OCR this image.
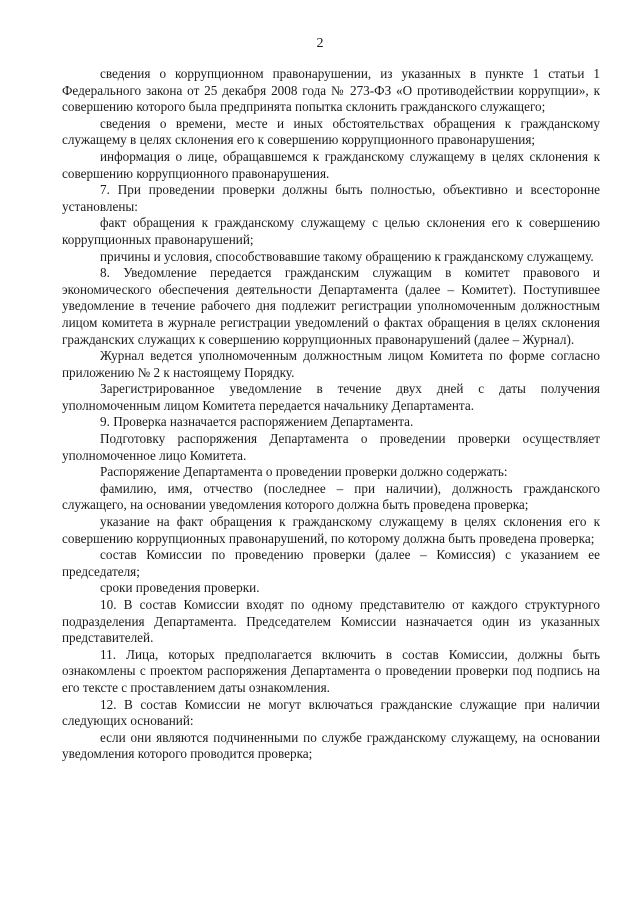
2

сведения о коррупционном правонарушении, из указанных в пункте 1 статьи 1 Федерального закона от 25 декабря 2008 года № 273-ФЗ «О противодействии коррупции», к совершению которого была предпринята попытка склонить гражданского служащего;

сведения о времени, месте и иных обстоятельствах обращения к гражданскому служащему в целях склонения его к совершению коррупционного правонарушения;

информация о лице, обращавшемся к гражданскому служащему в целях склонения к совершению коррупционного правонарушения.

7. При проведении проверки должны быть полностью, объективно и всесторонне установлены:

факт обращения к гражданскому служащему с целью склонения его к совершению коррупционных правонарушений;

причины и условия, способствовавшие такому обращению к гражданскому служащему.

8. Уведомление передается гражданским служащим в комитет правового и экономического обеспечения деятельности Департамента (далее – Комитет). Поступившее уведомление в течение рабочего дня подлежит регистрации уполномоченным должностным лицом комитета в журнале регистрации уведомлений о фактах обращения в целях склонения гражданских служащих к совершению коррупционных правонарушений (далее – Журнал).

Журнал ведется уполномоченным должностным лицом Комитета по форме согласно приложению № 2 к настоящему Порядку.

Зарегистрированное уведомление в течение двух дней с даты получения уполномоченным лицом Комитета передается начальнику Департамента.

9. Проверка назначается распоряжением Департамента.

Подготовку распоряжения Департамента о проведении проверки осуществляет уполномоченное лицо Комитета.

Распоряжение Департамента о проведении проверки должно содержать:

фамилию, имя, отчество (последнее – при наличии), должность гражданского служащего, на основании уведомления которого должна быть проведена проверка;

указание на факт обращения к гражданскому служащему в целях склонения его к совершению коррупционных правонарушений, по которому должна быть проведена проверка;

состав Комиссии по проведению проверки (далее – Комиссия) с указанием ее председателя;

сроки проведения проверки.

10. В состав Комиссии входят по одному представителю от каждого структурного подразделения Департамента. Председателем Комиссии назначается один из указанных представителей.

11. Лица, которых предполагается включить в состав Комиссии, должны быть ознакомлены с проектом распоряжения Департамента о проведении проверки под подпись на его тексте с проставлением даты ознакомления.

12. В состав Комиссии не могут включаться гражданские служащие при наличии следующих оснований:

если они являются подчиненными по службе гражданскому служащему, на основании уведомления которого проводится проверка;
